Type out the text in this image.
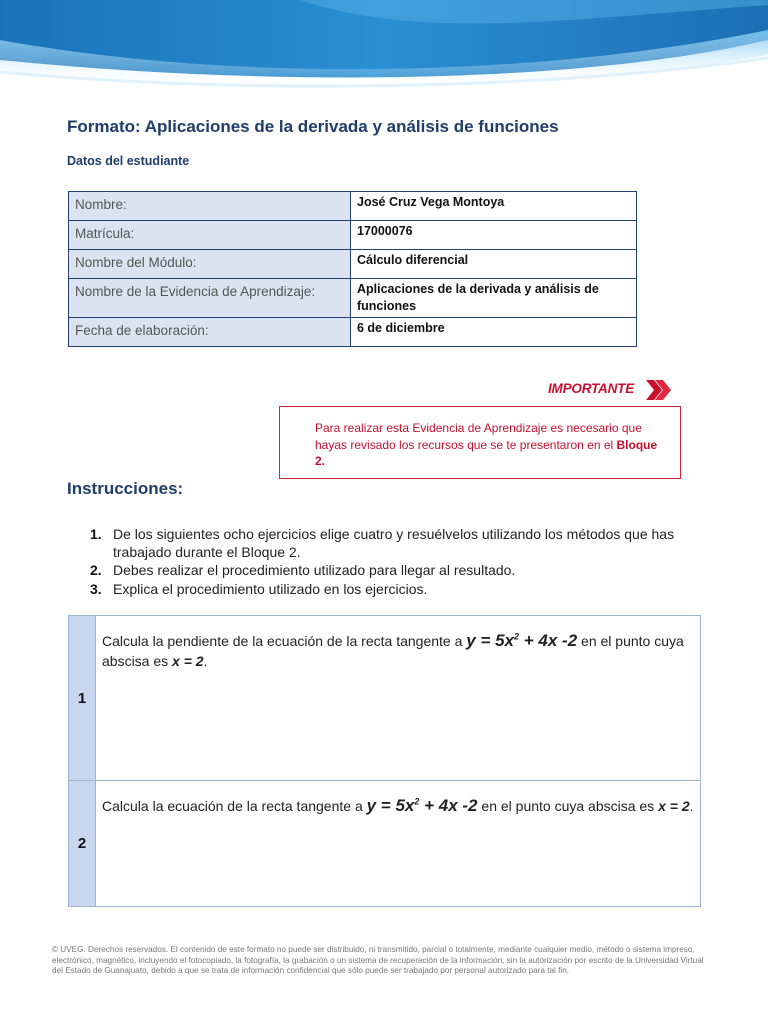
Formato: Aplicaciones de la derivada y análisis de funciones
Datos del estudiante
Nombre:	José Cruz Vega Montoya
Matrícula:	17000076
Nombre del Módulo:	Cálculo diferencial
Nombre de la Evidencia de Aprendizaje:	Aplicaciones de la derivada y análisis de funciones
Fecha de elaboración:	6 de diciembre
IMPORTANTE
Para realizar esta Evidencia de Aprendizaje es necesario que hayas revisado los recursos que se te presentaron en el Bloque 2.
Instrucciones:
1. De los siguientes ocho ejercicios elige cuatro y resuélvelos utilizando los métodos que has trabajado durante el Bloque 2.
2. Debes realizar el procedimiento utilizado para llegar al resultado.
3. Explica el procedimiento utilizado en los ejercicios.
1	Calcula la pendiente de la ecuación de la recta tangente a $y = 5x^2 + 4x$ -2 en el punto cuya abscisa es x = 2.
2	Calcula la ecuación de la recta tangente a $y = 5x^2 + 4x$ -2 en el punto cuya abscisa es x = 2.
© UVEG. Derechos reservados. El contenido de este formato no puede ser distribuido, ni transmitido, parcial o totalmente, mediante cualquier medio, método o sistema impreso, electrónico, magnético, incluyendo el fotocopiado, la fotografía, la grabación o un sistema de recuperación de la información, sin la autorización por escrito de la Universidad Virtual del Estado de Guanajuato, debido a que se trata de información confidencial que sólo puede ser trabajado por personal autorizado para tal fin.
